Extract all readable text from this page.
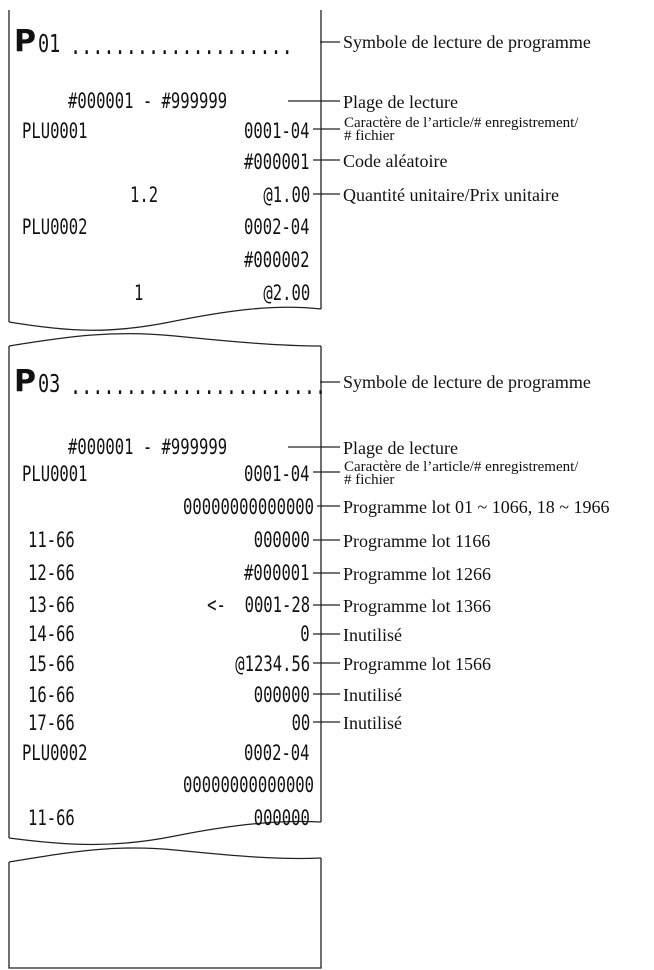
P 01 ....................
#000001 - #999999
PLU0001	0001-04
#000001
1.2	@1.00
PLU0002	0002-04
#000002
1	@2.00
Symbole de lecture de programme
Plage de lecture
Caractère de l’article/# enregistrement/
# fichier
Code aléatoire
Quantité unitaire/Prix unitaire
P 03 .......................
#000001 - #999999
PLU0001	0001-04
00000000000000
11-66	000000
12-66	#000001
13-66	<-  0001-28
14-66	0
15-66	@1234.56
16-66	000000
17-66	00
PLU0002	0002-04
00000000000000
11-66	000000
Symbole de lecture de programme
Plage de lecture
Caractère de l’article/# enregistrement/
# fichier
Programme lot 01 ~ 1066, 18 ~ 1966
Programme lot 1166
Programme lot 1266
Programme lot 1366
Inutilisé
Programme lot 1566
Inutilisé
Inutilisé
